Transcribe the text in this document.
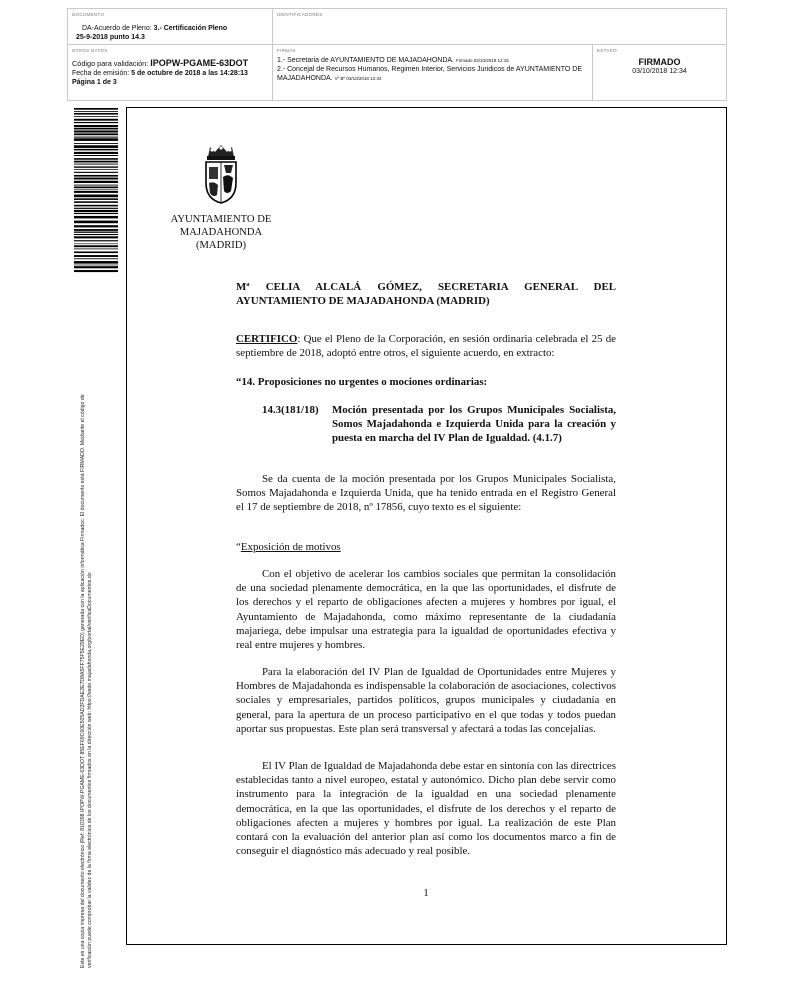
DOCUMENTO
DA-Acuerdo de Pleno: 3.- Certificación Pleno
25-9-2018 punto 14.3
IDENTIFICADORES
OTROS DATOS
Código para validación: IPOPW-PGAME-63DOT
Fecha de emisión: 5 de octubre de 2018 a las 14:28:13
Página 1 de 3
FIRMAS
1.- Secretaria de AYUNTAMIENTO DE MAJADAHONDA. Firmado 02/10/2018 12:15
2.- Concejal de Recursos Humanos, Regimen Interior, Servicios Juridicos de AYUNTAMIENTO DE MAJADAHONDA. Vº Bº 03/10/2018 12:34
ESTADO
FIRMADO
03/10/2018 12:34
Este es una copia impresa del documento electrónico (Ref: 810398 IPOPW-PGAME-63DOT 85EF69C60E505AD2FDAE2E7D8A5FF75F5E29ED) generada con la aplicación informática Firmadoc. El documento está FIRMADO. Mediante el código de verificación puede comprobar la validez de la firma electrónica de los documentos firmados en la dirección web: https://sede.majadahonda.org/portal/verificaDocumentos.do
AYUNTAMIENTO DE
MAJADAHONDA
(MADRID)
Mª CELIA ALCALÁ GÓMEZ, SECRETARIA GENERAL DEL AYUNTAMIENTO DE MAJADAHONDA (MADRID)
CERTIFICO: Que el Pleno de la Corporación, en sesión ordinaria celebrada el 25 de septiembre de 2018, adoptó entre otros, el siguiente acuerdo, en extracto:
“14. Proposiciones no urgentes o mociones ordinarias:
14.3(181/18) Moción presentada por los Grupos Municipales Socialista, Somos Majadahonda e Izquierda Unida para la creación y puesta en marcha del IV Plan de Igualdad. (4.1.7)
Se da cuenta de la moción presentada por los Grupos Municipales Socialista, Somos Majadahonda e Izquierda Unida, que ha tenido entrada en el Registro General el 17 de septiembre de 2018, nº 17856, cuyo texto es el siguiente:
“Exposición de motivos
Con el objetivo de acelerar los cambios sociales que permitan la consolidación de una sociedad plenamente democrática, en la que las oportunidades, el disfrute de los derechos y el reparto de obligaciones afecten a mujeres y hombres por igual, el Ayuntamiento de Majadahonda, como máximo representante de la ciudadanía majariega, debe impulsar una estrategia para la igualdad de oportunidades efectiva y real entre mujeres y hombres.
Para la elaboración del IV Plan de Igualdad de Oportunidades entre Mujeres y Hombres de Majadahonda es indispensable la colaboración de asociaciones, colectivos sociales y empresariales, partidos políticos, grupos municipales y ciudadanía en general, para la apertura de un proceso participativo en el que todas y todos puedan aportar sus propuestas. Este plan será transversal y afectará a todas las concejalías.
El IV Plan de Igualdad de Majadahonda debe estar en sintonía con las directrices establecidas tanto a nivel europeo, estatal y autonómico. Dicho plan debe servir como instrumento para la integración de la igualdad en una sociedad plenamente democrática, en la que las oportunidades, el disfrute de los derechos y el reparto de obligaciones afecten a mujeres y hombres por igual. La realización de este Plan contará con la evaluación del anterior plan así como los documentos marco a fin de conseguir el diagnóstico más adecuado y real posible.
1
